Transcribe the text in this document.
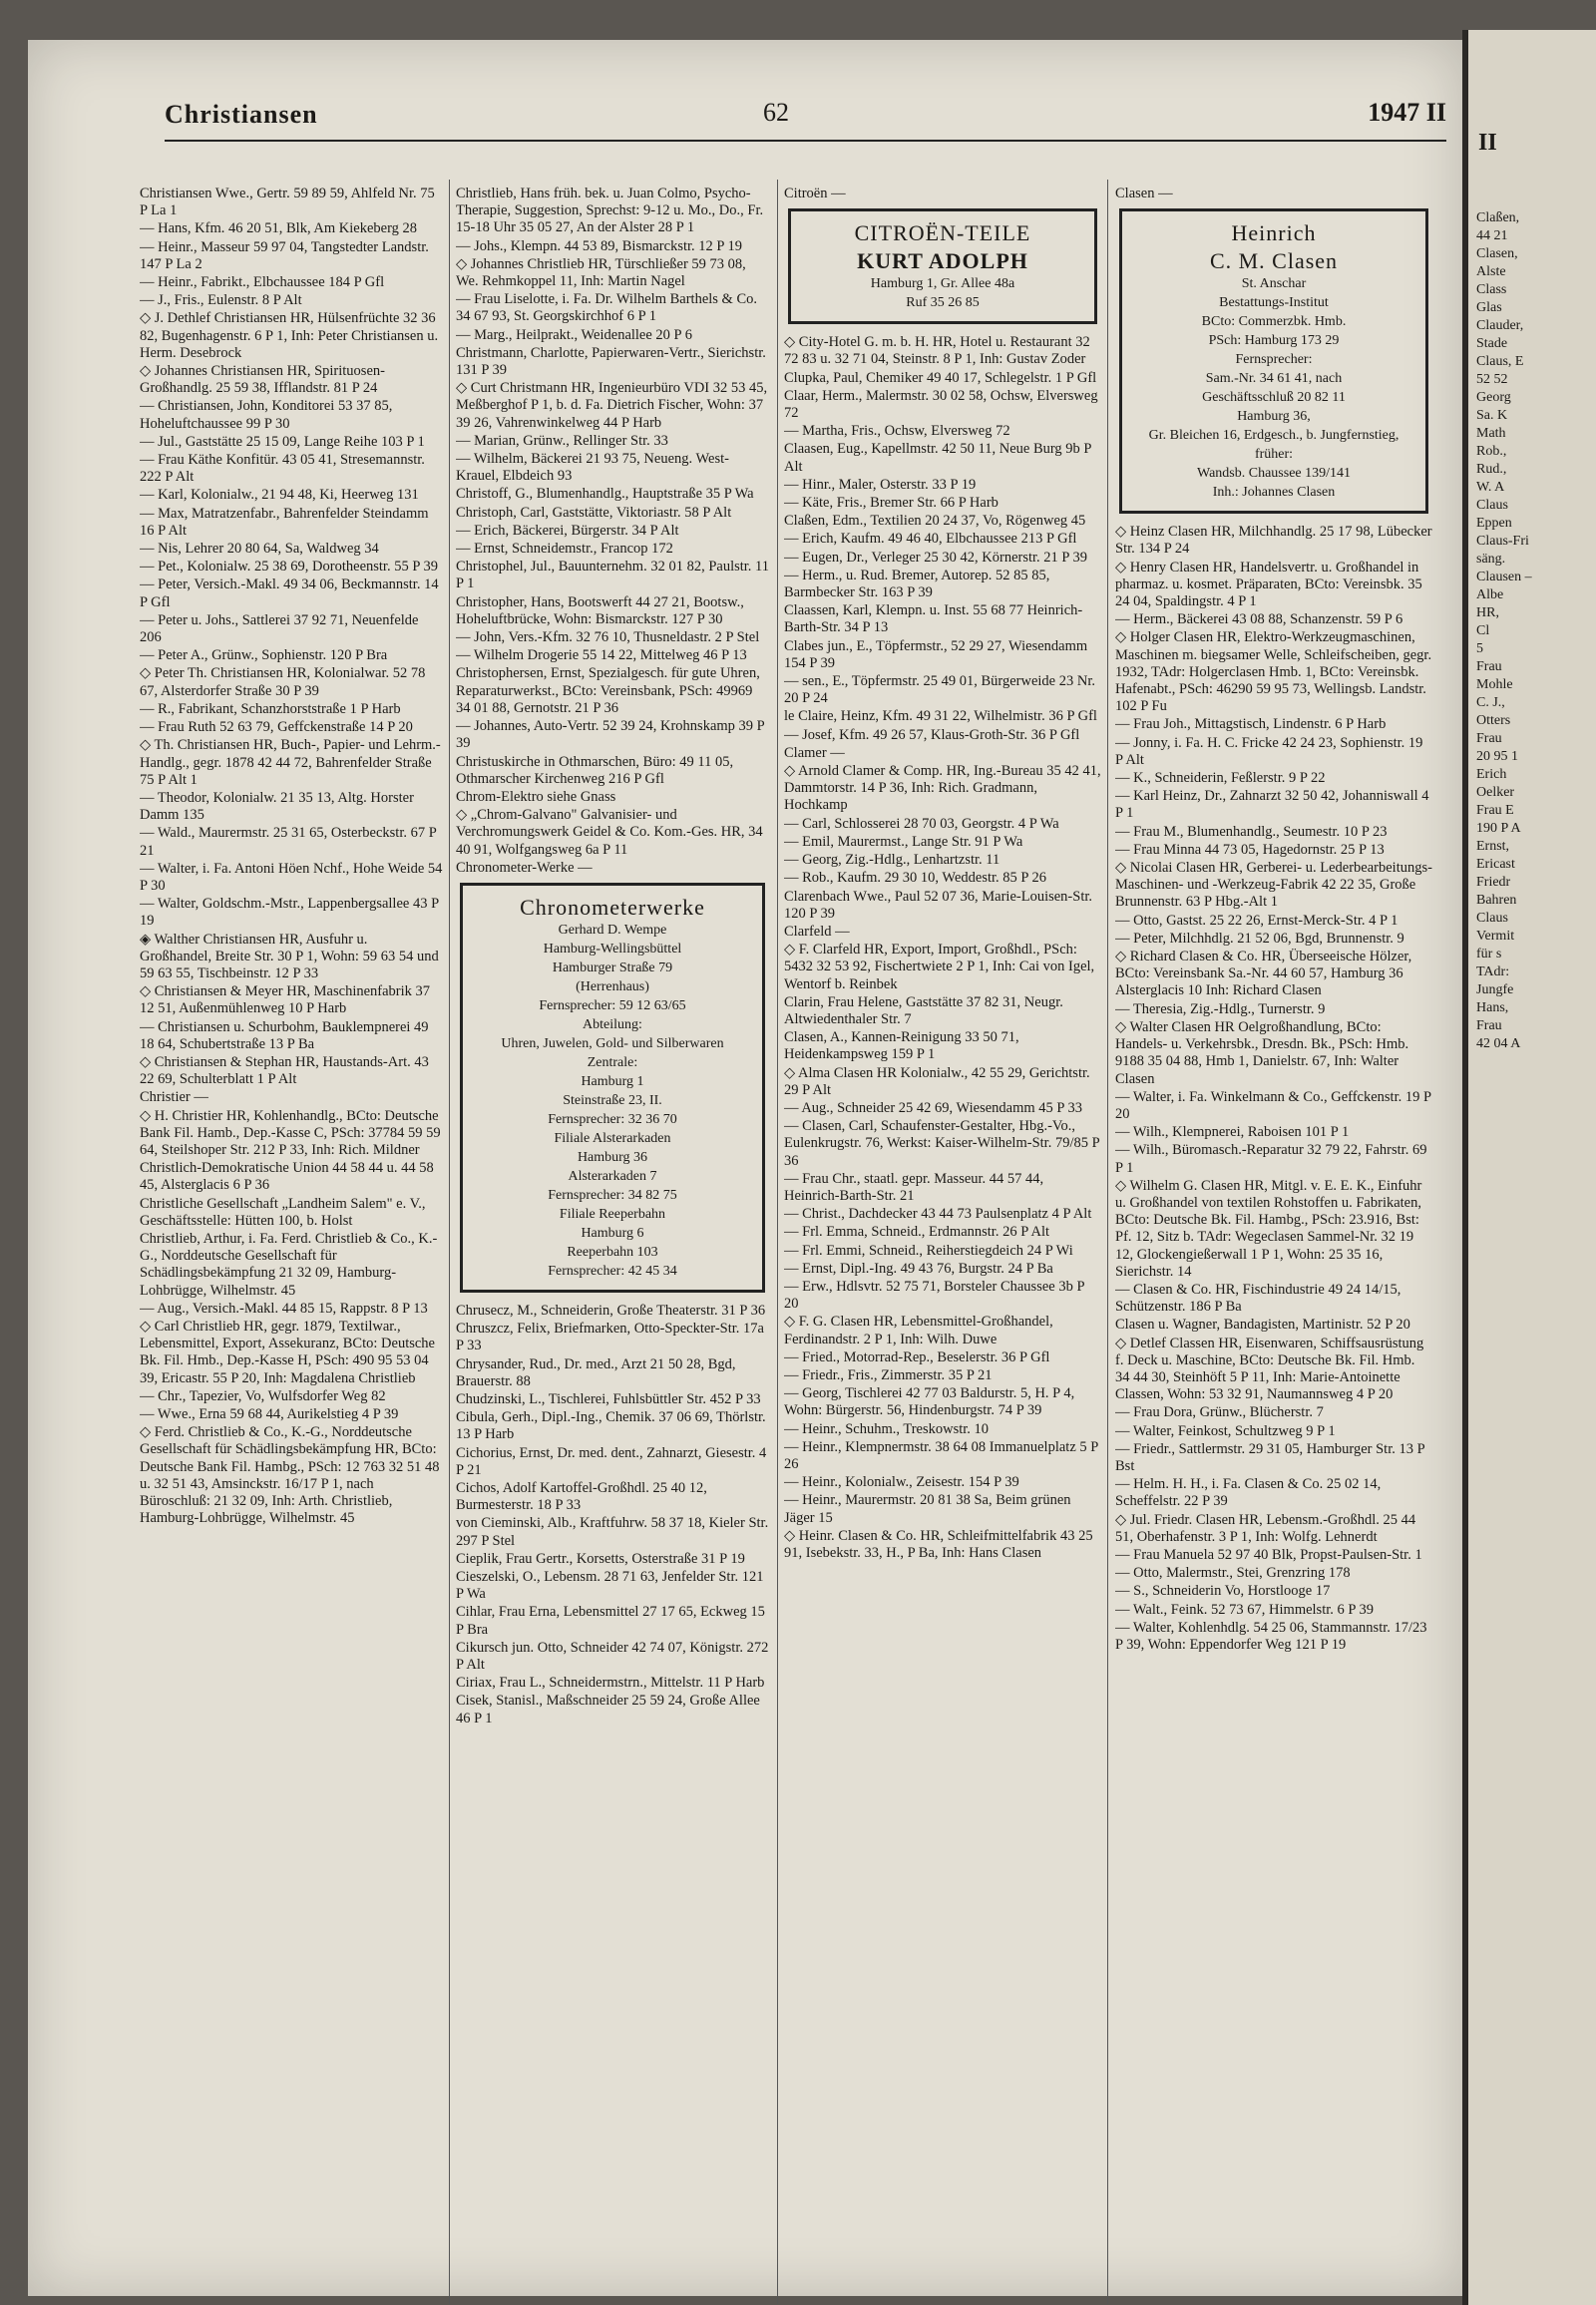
II
Claßen,
44 21
Clasen,
Alste
Class
Glas
Clauder,
Stade
Claus, E
52 52
Georg
Sa. K
Math
Rob.,
Rud.,
W. A
Claus
Eppen
Claus-Fri
säng.
Clausen –
Albe
HR,
Cl
5
Frau
Mohle
C. J.,
Otters
Frau
20 95 1
Erich
Oelker
Frau E
190 P A
Ernst,
Ericast
Friedr
Bahren
Claus
Vermit
für s
TAdr:
Jungfe
Hans,
Frau
42 04 A
Christiansen	62	1947 II
Christiansen Wwe., Gertr. 59 89 59, Ahlfeld Nr. 75 P La 1
— Hans, Kfm. 46 20 51, Blk, Am Kiekeberg 28
— Heinr., Masseur 59 97 04, Tangstedter Landstr. 147 P La 2
— Heinr., Fabrikt., Elbchaussee 184 P Gfl
— J., Fris., Eulenstr. 8 P Alt
◇ J. Dethlef Christiansen HR, Hülsenfrüchte 32 36 82, Bugenhagenstr. 6 P 1, Inh: Peter Christiansen u. Herm. Desebrock
◇ Johannes Christiansen HR, Spirituosen-Großhandlg. 25 59 38, Ifflandstr. 81 P 24
— Christiansen, John, Konditorei 53 37 85, Hoheluftchaussee 99 P 30
— Jul., Gaststätte 25 15 09, Lange Reihe 103 P 1
— Frau Käthe Konfitür. 43 05 41, Stresemannstr. 222 P Alt
— Karl, Kolonialw., 21 94 48, Ki, Heerweg 131
— Max, Matratzenfabr., Bahrenfelder Steindamm 16 P Alt
— Nis, Lehrer 20 80 64, Sa, Waldweg 34
— Pet., Kolonialw. 25 38 69, Dorotheenstr. 55 P 39
— Peter, Versich.-Makl. 49 34 06, Beckmannstr. 14 P Gfl
— Peter u. Johs., Sattlerei 37 92 71, Neuenfelde 206
— Peter A., Grünw., Sophienstr. 120 P Bra
◇ Peter Th. Christiansen HR, Kolonialwar. 52 78 67, Alsterdorfer Straße 30 P 39
— R., Fabrikant, Schanzhorststraße 1 P Harb
— Frau Ruth 52 63 79, Geffckenstraße 14 P 20
◇ Th. Christiansen HR, Buch-, Papier- und Lehrm.-Handlg., gegr. 1878 42 44 72, Bahrenfelder Straße 75 P Alt 1
— Theodor, Kolonialw. 21 35 13, Altg. Horster Damm 135
— Wald., Maurermstr. 25 31 65, Osterbeckstr. 67 P 21
— Walter, i. Fa. Antoni Höen Nchf., Hohe Weide 54 P 30
— Walter, Goldschm.-Mstr., Lappenbergsallee 43 P 19
◈ Walther Christiansen HR, Ausfuhr u. Großhandel, Breite Str. 30 P 1, Wohn: 59 63 54 und 59 63 55, Tischbeinstr. 12 P 33
◇ Christiansen & Meyer HR, Maschinenfabrik 37 12 51, Außenmühlenweg 10 P Harb
— Christiansen u. Schurbohm, Bauklempnerei 49 18 64, Schubertstraße 13 P Ba
◇ Christiansen & Stephan HR, Haustands-Art. 43 22 69, Schulterblatt 1 P Alt
Christier —
◇ H. Christier HR, Kohlenhandlg., BCto: Deutsche Bank Fil. Hamb., Dep.-Kasse C, PSch: 37784 59 59 64, Steilshoper Str. 212 P 33, Inh: Rich. Mildner
Christlich-Demokratische Union 44 58 44 u. 44 58 45, Alsterglacis 6 P 36
Christliche Gesellschaft „Landheim Salem" e. V., Geschäftsstelle: Hütten 100, b. Holst
Christlieb, Arthur, i. Fa. Ferd. Christlieb & Co., K.-G., Norddeutsche Gesellschaft für Schädlingsbekämpfung 21 32 09, Hamburg-Lohbrügge, Wilhelmstr. 45
— Aug., Versich.-Makl. 44 85 15, Rappstr. 8 P 13
◇ Carl Christlieb HR, gegr. 1879, Textilwar., Lebensmittel, Export, Assekuranz, BCto: Deutsche Bk. Fil. Hmb., Dep.-Kasse H, PSch: 490 95 53 04 39, Ericastr. 55 P 20, Inh: Magdalena Christlieb
— Chr., Tapezier, Vo, Wulfsdorfer Weg 82
— Wwe., Erna 59 68 44, Aurikelstieg 4 P 39
◇ Ferd. Christlieb & Co., K.-G., Norddeutsche Gesellschaft für Schädlingsbekämpfung HR, BCto: Deutsche Bank Fil. Hambg., PSch: 12 763 32 51 48 u. 32 51 43, Amsinckstr. 16/17 P 1, nach Büroschluß: 21 32 09, Inh: Arth. Christlieb, Hamburg-Lohbrügge, Wilhelmstr. 45
Christlieb, Hans früh. bek. u. Juan Colmo, Psycho-Therapie, Suggestion, Sprechst: 9-12 u. Mo., Do., Fr. 15-18 Uhr 35 05 27, An der Alster 28 P 1
— Johs., Klempn. 44 53 89, Bismarckstr. 12 P 19
◇ Johannes Christlieb HR, Türschließer 59 73 08, We. Rehmkoppel 11, Inh: Martin Nagel
— Frau Liselotte, i. Fa. Dr. Wilhelm Barthels & Co. 34 67 93, St. Georgskirchhof 6 P 1
— Marg., Heilprakt., Weidenallee 20 P 6
Christmann, Charlotte, Papierwaren-Vertr., Sierichstr. 131 P 39
◇ Curt Christmann HR, Ingenieurbüro VDI 32 53 45, Meßberghof P 1, b. d. Fa. Dietrich Fischer, Wohn: 37 39 26, Vahrenwinkelweg 44 P Harb
— Marian, Grünw., Rellinger Str. 33
— Wilhelm, Bäckerei 21 93 75, Neueng. West-Krauel, Elbdeich 93
Christoff, G., Blumenhandlg., Hauptstraße 35 P Wa
Christoph, Carl, Gaststätte, Viktoriastr. 58 P Alt
— Erich, Bäckerei, Bürgerstr. 34 P Alt
— Ernst, Schneidemstr., Francop 172
Christophel, Jul., Bauunternehm. 32 01 82, Paulstr. 11 P 1
Christopher, Hans, Bootswerft 44 27 21, Bootsw., Hoheluftbrücke, Wohn: Bismarckstr. 127 P 30
— John, Vers.-Kfm. 32 76 10, Thusneldastr. 2 P Stel
— Wilhelm Drogerie 55 14 22, Mittelweg 46 P 13
Christophersen, Ernst, Spezialgesch. für gute Uhren, Reparaturwerkst., BCto: Vereinsbank, PSch: 49969 34 01 88, Gernotstr. 21 P 36
— Johannes, Auto-Vertr. 52 39 24, Krohnskamp 39 P 39
Christuskirche in Othmarschen, Büro: 49 11 05, Othmarscher Kirchenweg 216 P Gfl
Chrom-Elektro siehe Gnass
◇ „Chrom-Galvano" Galvanisier- und Verchromungswerk Geidel & Co. Kom.-Ges. HR, 34 40 91, Wolfgangsweg 6a P 11
Chronometer-Werke —
Chronometerwerke
Gerhard D. Wempe
Hamburg-Wellingsbüttel
Hamburger Straße 79
(Herrenhaus)
Fernsprecher: 59 12 63/65
Abteilung:
Uhren, Juwelen, Gold- und Silberwaren
Zentrale:
Hamburg 1
Steinstraße 23, II.
Fernsprecher: 32 36 70
Filiale Alsterarkaden
Hamburg 36
Alsterarkaden 7
Fernsprecher: 34 82 75
Filiale Reeperbahn
Hamburg 6
Reeperbahn 103
Fernsprecher: 42 45 34
Chrusecz, M., Schneiderin, Große Theaterstr. 31 P 36
Chruszcz, Felix, Briefmarken, Otto-Speckter-Str. 17a P 33
Chrysander, Rud., Dr. med., Arzt 21 50 28, Bgd, Brauerstr. 88
Chudzinski, L., Tischlerei, Fuhlsbüttler Str. 452 P 33
Cibula, Gerh., Dipl.-Ing., Chemik. 37 06 69, Thörlstr. 13 P Harb
Cichorius, Ernst, Dr. med. dent., Zahnarzt, Giesestr. 4 P 21
Cichos, Adolf Kartoffel-Großhdl. 25 40 12, Burmesterstr. 18 P 33
von Cieminski, Alb., Kraftfuhrw. 58 37 18, Kieler Str. 297 P Stel
Cieplik, Frau Gertr., Korsetts, Osterstraße 31 P 19
Cieszelski, O., Lebensm. 28 71 63, Jenfelder Str. 121 P Wa
Cihlar, Frau Erna, Lebensmittel 27 17 65, Eckweg 15 P Bra
Cikursch jun. Otto, Schneider 42 74 07, Königstr. 272 P Alt
Ciriax, Frau L., Schneidermstrn., Mittelstr. 11 P Harb
Cisek, Stanisl., Maßschneider 25 59 24, Große Allee 46 P 1
Citroën —
CITROËN-TEILE
KURT ADOLPH
Hamburg 1, Gr. Allee 48a
Ruf 35 26 85
◇ City-Hotel G. m. b. H. HR, Hotel u. Restaurant 32 72 83 u. 32 71 04, Steinstr. 8 P 1, Inh: Gustav Zoder
Clupka, Paul, Chemiker 49 40 17, Schlegelstr. 1 P Gfl
Claar, Herm., Malermstr. 30 02 58, Ochsw, Elversweg 72
— Martha, Fris., Ochsw, Elversweg 72
Claasen, Eug., Kapellmstr. 42 50 11, Neue Burg 9b P Alt
— Hinr., Maler, Osterstr. 33 P 19
— Käte, Fris., Bremer Str. 66 P Harb
Claßen, Edm., Textilien 20 24 37, Vo, Rögenweg 45
— Erich, Kaufm. 49 46 40, Elbchaussee 213 P Gfl
— Eugen, Dr., Verleger 25 30 42, Körnerstr. 21 P 39
— Herm., u. Rud. Bremer, Autorep. 52 85 85, Barmbecker Str. 163 P 39
Claassen, Karl, Klempn. u. Inst. 55 68 77 Heinrich-Barth-Str. 34 P 13
Clabes jun., E., Töpfermstr., 52 29 27, Wiesendamm 154 P 39
— sen., E., Töpfermstr. 25 49 01, Bürgerweide 23 Nr. 20 P 24
le Claire, Heinz, Kfm. 49 31 22, Wilhelmistr. 36 P Gfl
— Josef, Kfm. 49 26 57, Klaus-Groth-Str. 36 P Gfl
Clamer —
◇ Arnold Clamer & Comp. HR, Ing.-Bureau 35 42 41, Dammtorstr. 14 P 36, Inh: Rich. Gradmann, Hochkamp
— Carl, Schlosserei 28 70 03, Georgstr. 4 P Wa
— Emil, Maurermst., Lange Str. 91 P Wa
— Georg, Zig.-Hdlg., Lenhartzstr. 11
— Rob., Kaufm. 29 30 10, Weddestr. 85 P 26
Clarenbach Wwe., Paul 52 07 36, Marie-Louisen-Str. 120 P 39
Clarfeld —
◇ F. Clarfeld HR, Export, Import, Großhdl., PSch: 5432 32 53 92, Fischertwiete 2 P 1, Inh: Cai von Igel, Wentorf b. Reinbek
Clarin, Frau Helene, Gaststätte 37 82 31, Neugr. Altwiedenthaler Str. 7
Clasen, A., Kannen-Reinigung 33 50 71, Heidenkampsweg 159 P 1
◇ Alma Clasen HR Kolonialw., 42 55 29, Gerichtstr. 29 P Alt
— Aug., Schneider 25 42 69, Wiesendamm 45 P 33
— Clasen, Carl, Schaufenster-Gestalter, Hbg.-Vo., Eulenkrugstr. 76, Werkst: Kaiser-Wilhelm-Str. 79/85 P 36
— Frau Chr., staatl. gepr. Masseur. 44 57 44, Heinrich-Barth-Str. 21
— Christ., Dachdecker 43 44 73 Paulsenplatz 4 P Alt
— Frl. Emma, Schneid., Erdmannstr. 26 P Alt
— Frl. Emmi, Schneid., Reiherstiegdeich 24 P Wi
— Ernst, Dipl.-Ing. 49 43 76, Burgstr. 24 P Ba
— Erw., Hdlsvtr. 52 75 71, Borsteler Chaussee 3b P 20
◇ F. G. Clasen HR, Lebensmittel-Großhandel, Ferdinandstr. 2 P 1, Inh: Wilh. Duwe
— Fried., Motorrad-Rep., Beselerstr. 36 P Gfl
— Friedr., Fris., Zimmerstr. 35 P 21
— Georg, Tischlerei 42 77 03 Baldurstr. 5, H. P 4, Wohn: Bürgerstr. 56, Hindenburgstr. 74 P 39
— Heinr., Schuhm., Treskowstr. 10
— Heinr., Klempnermstr. 38 64 08 Immanuelplatz 5 P 26
— Heinr., Kolonialw., Zeisestr. 154 P 39
— Heinr., Maurermstr. 20 81 38 Sa, Beim grünen Jäger 15
◇ Heinr. Clasen & Co. HR, Schleifmittelfabrik 43 25 91, Isebekstr. 33, H., P Ba, Inh: Hans Clasen
Clasen —
Heinrich
C. M. Clasen
St. Anschar
Bestattungs-Institut
BCto: Commerzbk. Hmb.
PSch: Hamburg 173 29
Fernsprecher:
Sam.-Nr. 34 61 41, nach
Geschäftsschluß 20 82 11
Hamburg 36,
Gr. Bleichen 16, Erdgesch., b. Jungfernstieg,
früher:
Wandsb. Chaussee 139/141
Inh.: Johannes Clasen
◇ Heinz Clasen HR, Milchhandlg. 25 17 98, Lübecker Str. 134 P 24
◇ Henry Clasen HR, Handelsvertr. u. Großhandel in pharmaz. u. kosmet. Präparaten, BCto: Vereinsbk. 35 24 04, Spaldingstr. 4 P 1
— Herm., Bäckerei 43 08 88, Schanzenstr. 59 P 6
◇ Holger Clasen HR, Elektro-Werkzeugmaschinen, Maschinen m. biegsamer Welle, Schleifscheiben, gegr. 1932, TAdr: Holgerclasen Hmb. 1, BCto: Vereinsbk. Hafenabt., PSch: 46290 59 95 73, Wellingsb. Landstr. 102 P Fu
— Frau Joh., Mittagstisch, Lindenstr. 6 P Harb
— Jonny, i. Fa. H. C. Fricke 42 24 23, Sophienstr. 19 P Alt
— K., Schneiderin, Feßlerstr. 9 P 22
— Karl Heinz, Dr., Zahnarzt 32 50 42, Johanniswall 4 P 1
— Frau M., Blumenhandlg., Seumestr. 10 P 23
— Frau Minna 44 73 05, Hagedornstr. 25 P 13
◇ Nicolai Clasen HR, Gerberei- u. Lederbearbeitungs-Maschinen- und -Werkzeug-Fabrik 42 22 35, Große Brunnenstr. 63 P Hbg.-Alt 1
— Otto, Gastst. 25 22 26, Ernst-Merck-Str. 4 P 1
— Peter, Milchhdlg. 21 52 06, Bgd, Brunnenstr. 9
◇ Richard Clasen & Co. HR, Überseeische Hölzer, BCto: Vereinsbank Sa.-Nr. 44 60 57, Hamburg 36 Alsterglacis 10 Inh: Richard Clasen
— Theresia, Zig.-Hdlg., Turnerstr. 9
◇ Walter Clasen HR Oelgroßhandlung, BCto: Handels- u. Verkehrsbk., Dresdn. Bk., PSch: Hmb. 9188 35 04 88, Hmb 1, Danielstr. 67, Inh: Walter Clasen
— Walter, i. Fa. Winkelmann & Co., Geffckenstr. 19 P 20
— Wilh., Klempnerei, Raboisen 101 P 1
— Wilh., Büromasch.-Reparatur 32 79 22, Fahrstr. 69 P 1
◇ Wilhelm G. Clasen HR, Mitgl. v. E. E. K., Einfuhr u. Großhandel von textilen Rohstoffen u. Fabrikaten, BCto: Deutsche Bk. Fil. Hambg., PSch: 23.916, Bst: Pf. 12, Sitz b. TAdr: Wegeclasen Sammel-Nr. 32 19 12, Glockengießerwall 1 P 1, Wohn: 25 35 16, Sierichstr. 14
— Clasen & Co. HR, Fischindustrie 49 24 14/15, Schützenstr. 186 P Ba
Clasen u. Wagner, Bandagisten, Martinistr. 52 P 20
◇ Detlef Classen HR, Eisenwaren, Schiffsausrüstung f. Deck u. Maschine, BCto: Deutsche Bk. Fil. Hmb. 34 44 30, Steinhöft 5 P 11, Inh: Marie-Antoinette Classen, Wohn: 53 32 91, Naumannsweg 4 P 20
— Frau Dora, Grünw., Blücherstr. 7
— Walter, Feinkost, Schultzweg 9 P 1
— Friedr., Sattlermstr. 29 31 05, Hamburger Str. 13 P Bst
— Helm. H. H., i. Fa. Clasen & Co. 25 02 14, Scheffelstr. 22 P 39
◇ Jul. Friedr. Clasen HR, Lebensm.-Großhdl. 25 44 51, Oberhafenstr. 3 P 1, Inh: Wolfg. Lehnerdt
— Frau Manuela 52 97 40 Blk, Propst-Paulsen-Str. 1
— Otto, Malermstr., Stei, Grenzring 178
— S., Schneiderin Vo, Horstlooge 17
— Walt., Feink. 52 73 67, Himmelstr. 6 P 39
— Walter, Kohlenhdlg. 54 25 06, Stammannstr. 17/23 P 39, Wohn: Eppendorfer Weg 121 P 19
